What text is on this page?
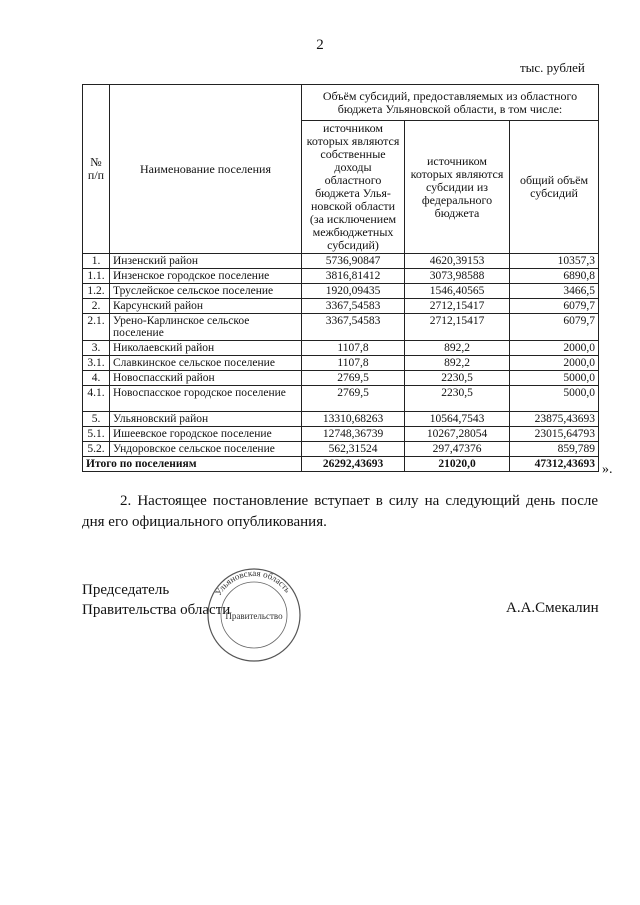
2
тыс. рублей
№ п/п	Наименование поселения	Объём субсидий, предоставляемых из областного бюджета Ульяновской области, в том числе:		
		источником которых являются собственные доходы областного бюджета Улья-новской области (за исключением межбюджетных субсидий)	источником которых являются субсидии из федерального бюджета	общий объём субсидий
1.	Инзенский район	5736,90847	4620,39153	10357,3
1.1.	Инзенское городское поселение	3816,81412	3073,98588	6890,8
1.2.	Труслейское сельское поселение	1920,09435	1546,40565	3466,5
2.	Карсунский район	3367,54583	2712,15417	6079,7
2.1.	Урено-Карлинское сельское поселение	3367,54583	2712,15417	6079,7
3.	Николаевский район	1107,8	892,2	2000,0
3.1.	Славкинское сельское поселение	1107,8	892,2	2000,0
4.	Новоспасский район	2769,5	2230,5	5000,0
4.1.	Новоспасское городское поселение	2769,5	2230,5	5000,0
5.	Ульяновский район	13310,68263	10564,7543	23875,43693
5.1.	Ишеевское городское поселение	12748,36739	10267,28054	23015,64793
5.2.	Ундоровское сельское поселение	562,31524	297,47376	859,789
Итого по поселениям		26292,43693	21020,0	47312,43693 ».
2. Настоящее постановление вступает в силу на следующий день после дня его официального опубликования.
Председатель
Правительства области	А.А.Смекалин
Ульяновская область
Правительство
